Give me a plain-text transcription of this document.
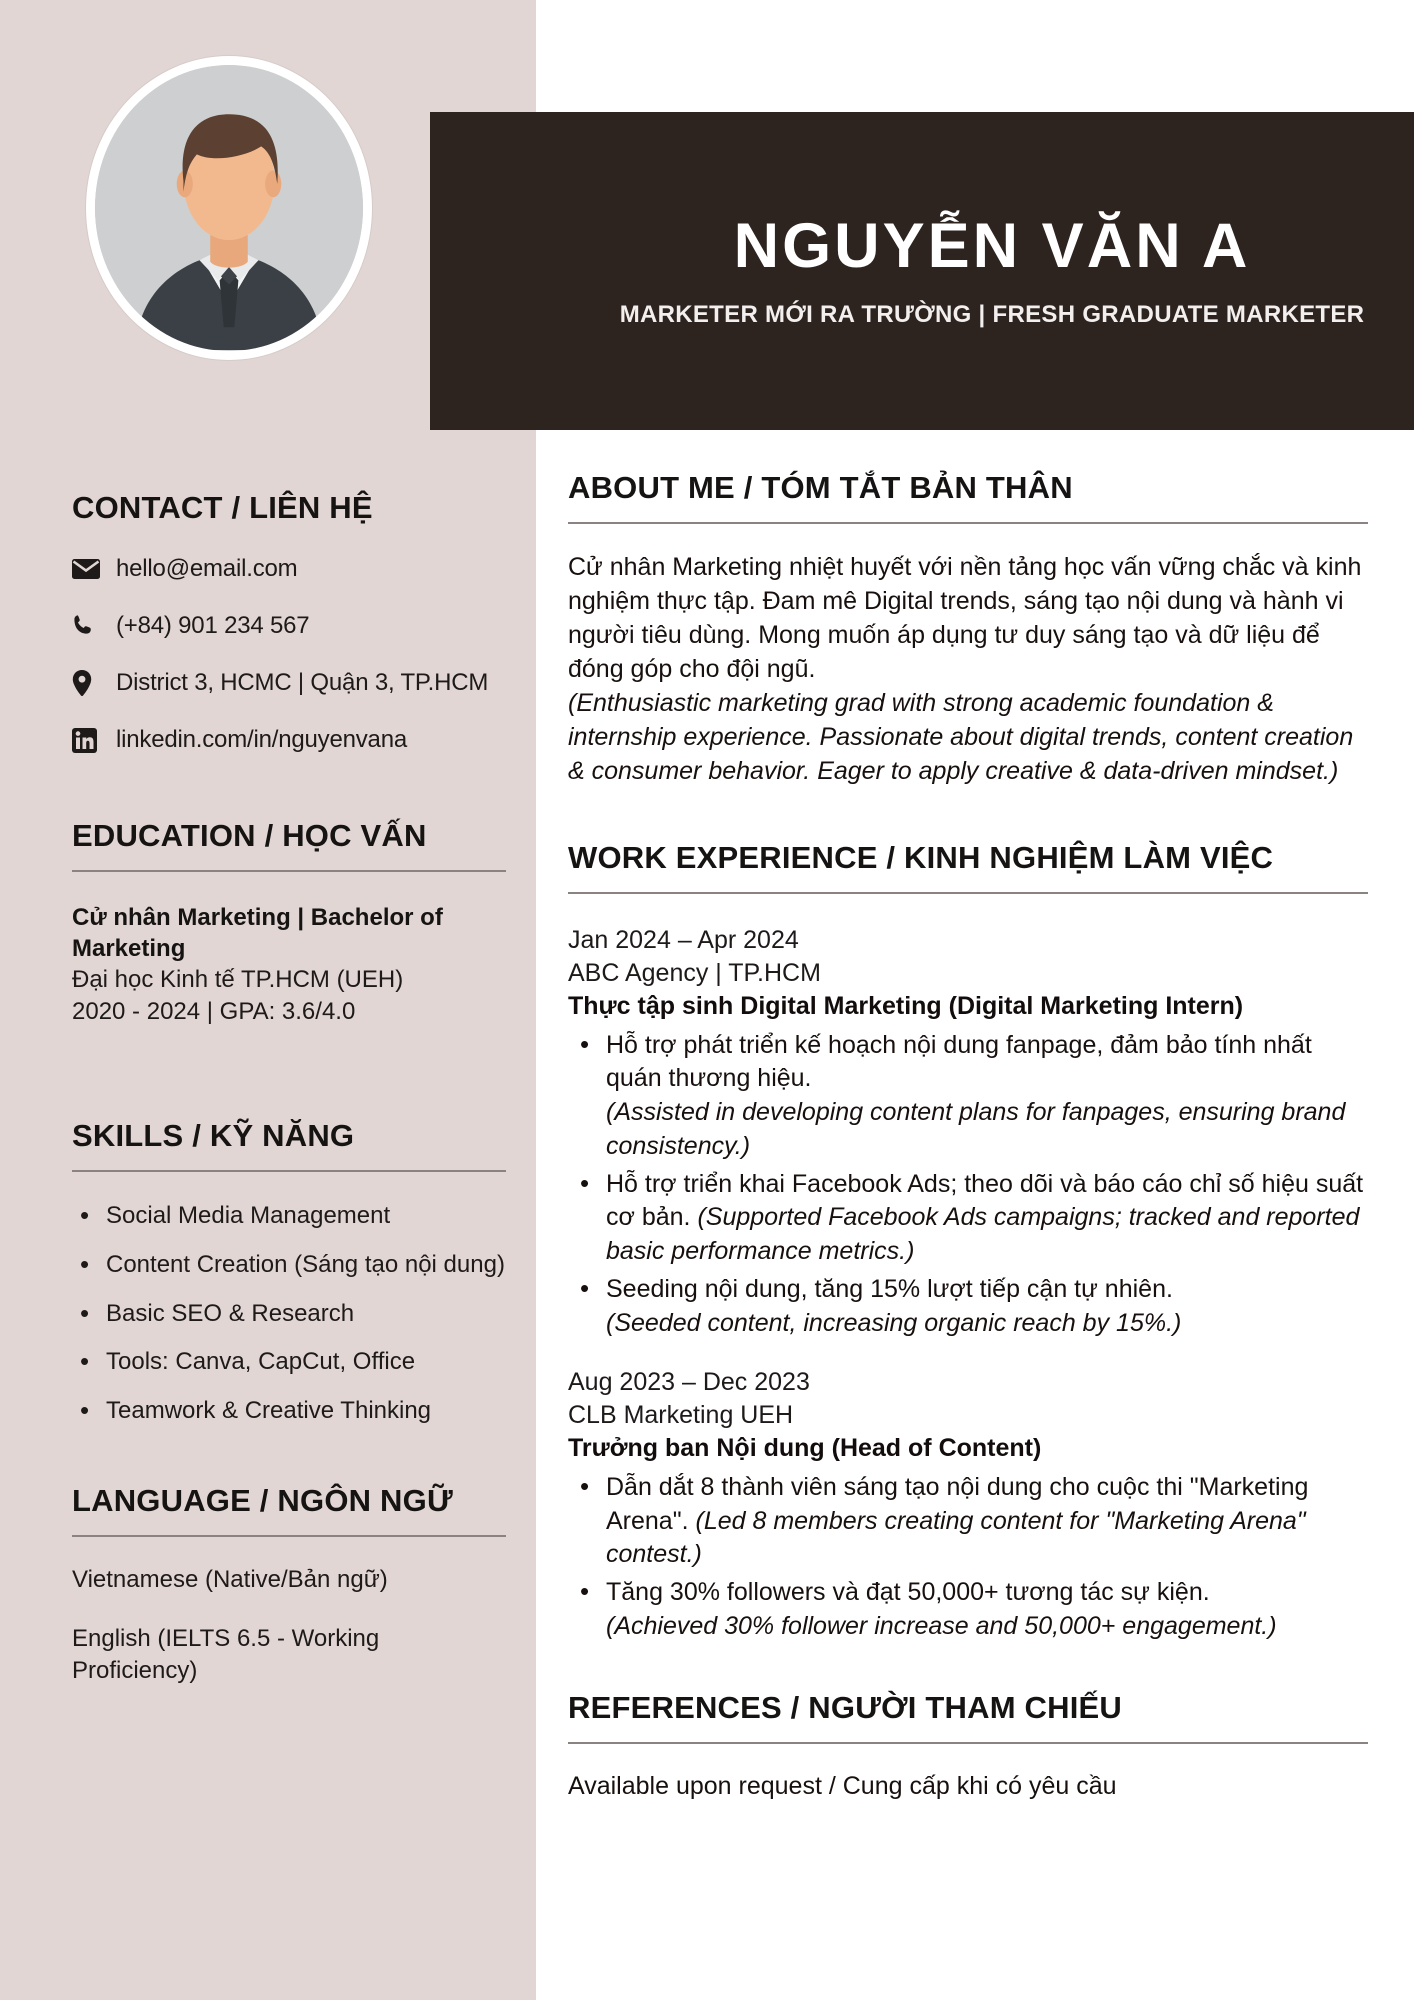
NGUYỄN VĂN A
MARKETER MỚI RA TRƯỜNG | FRESH GRADUATE MARKETER
CONTACT / LIÊN HỆ
hello@email.com
(+84) 901 234 567
District 3, HCMC | Quận 3, TP.HCM
linkedin.com/in/nguyenvana
EDUCATION / HỌC VẤN
Cử nhân Marketing | Bachelor of Marketing
Đại học Kinh tế TP.HCM (UEH)
2020 - 2024 | GPA: 3.6/4.0
SKILLS / KỸ NĂNG
• Social Media Management
• Content Creation (Sáng tạo nội dung)
• Basic SEO & Research
• Tools: Canva, CapCut, Office
• Teamwork & Creative Thinking
LANGUAGE / NGÔN NGỮ
Vietnamese (Native/Bản ngữ)
English (IELTS 6.5 - Working Proficiency)
ABOUT ME / TÓM TẮT BẢN THÂN
Cử nhân Marketing nhiệt huyết với nền tảng học vấn vững chắc và kinh nghiệm thực tập. Đam mê Digital trends, sáng tạo nội dung và hành vi người tiêu dùng. Mong muốn áp dụng tư duy sáng tạo và dữ liệu để đóng góp cho đội ngũ.
(Enthusiastic marketing grad with strong academic foundation & internship experience. Passionate about digital trends, content creation & consumer behavior. Eager to apply creative & data-driven mindset.)
WORK EXPERIENCE / KINH NGHIỆM LÀM VIỆC
Jan 2024 – Apr 2024
ABC Agency | TP.HCM
Thực tập sinh Digital Marketing (Digital Marketing Intern)
• Hỗ trợ phát triển kế hoạch nội dung fanpage, đảm bảo tính nhất quán thương hiệu.
(Assisted in developing content plans for fanpages, ensuring brand consistency.)
• Hỗ trợ triển khai Facebook Ads; theo dõi và báo cáo chỉ số hiệu suất cơ bản. (Supported Facebook Ads campaigns; tracked and reported basic performance metrics.)
• Seeding nội dung, tăng 15% lượt tiếp cận tự nhiên.
(Seeded content, increasing organic reach by 15%.)
Aug 2023 – Dec 2023
CLB Marketing UEH
Trưởng ban Nội dung (Head of Content)
• Dẫn dắt 8 thành viên sáng tạo nội dung cho cuộc thi "Marketing Arena". (Led 8 members creating content for "Marketing Arena" contest.)
• Tăng 30% followers và đạt 50,000+ tương tác sự kiện.
(Achieved 30% follower increase and 50,000+ engagement.)
REFERENCES / NGƯỜI THAM CHIẾU
Available upon request / Cung cấp khi có yêu cầu
